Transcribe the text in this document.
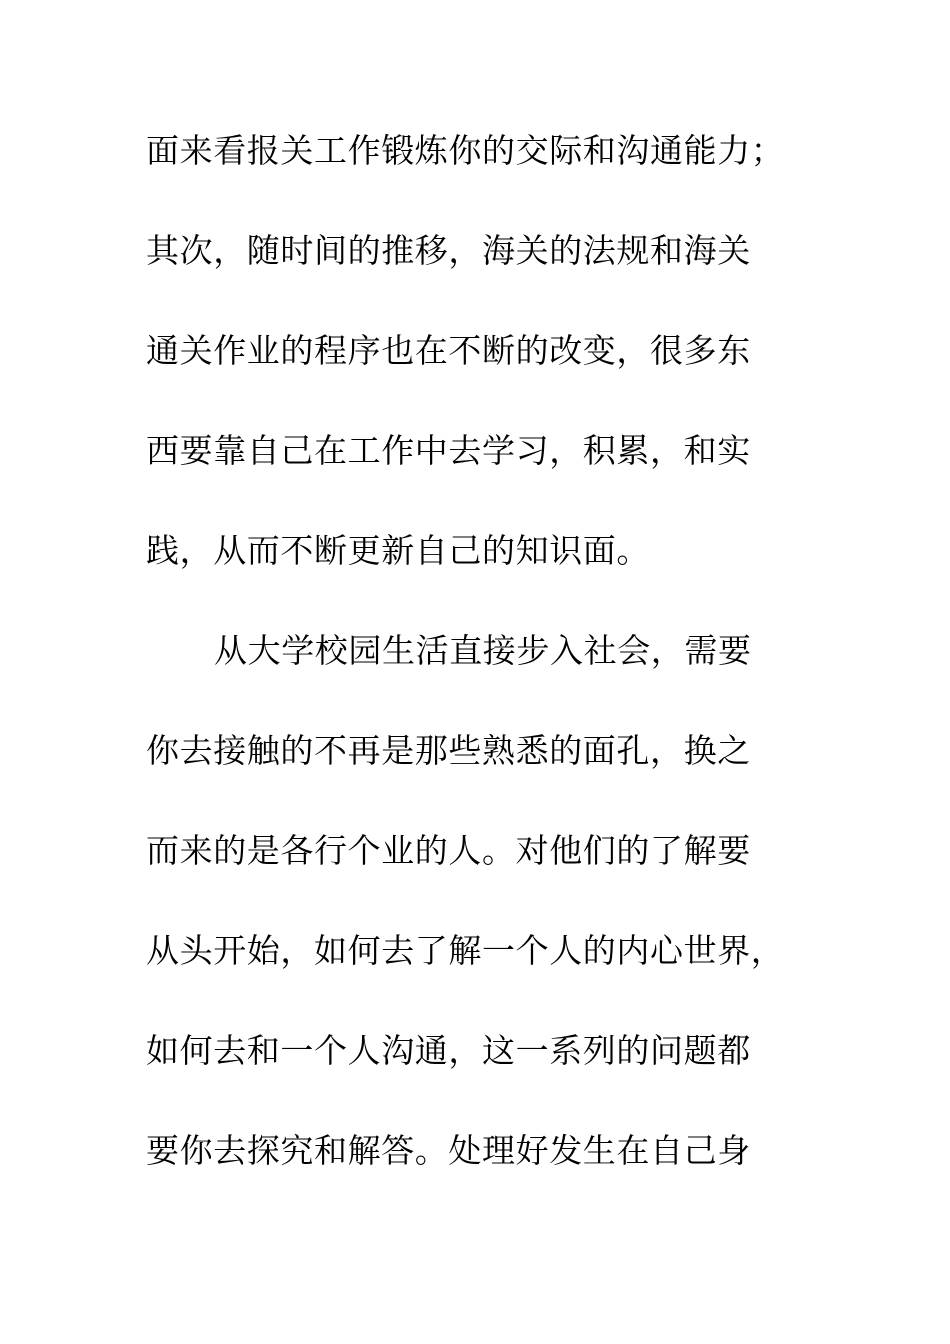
面来看报关工作锻炼你的交际和沟通能力；
其次，随时间的推移，海关的法规和海关
通关作业的程序也在不断的改变，很多东
西要靠自己在工作中去学习，积累，和实
践，从而不断更新自己的知识面。
从大学校园生活直接步入社会，需要
你去接触的不再是那些熟悉的面孔，换之
而来的是各行个业的人。对他们的了解要
从头开始，如何去了解一个人的内心世界，
如何去和一个人沟通，这一系列的问题都
要你去探究和解答。处理好发生在自己身
